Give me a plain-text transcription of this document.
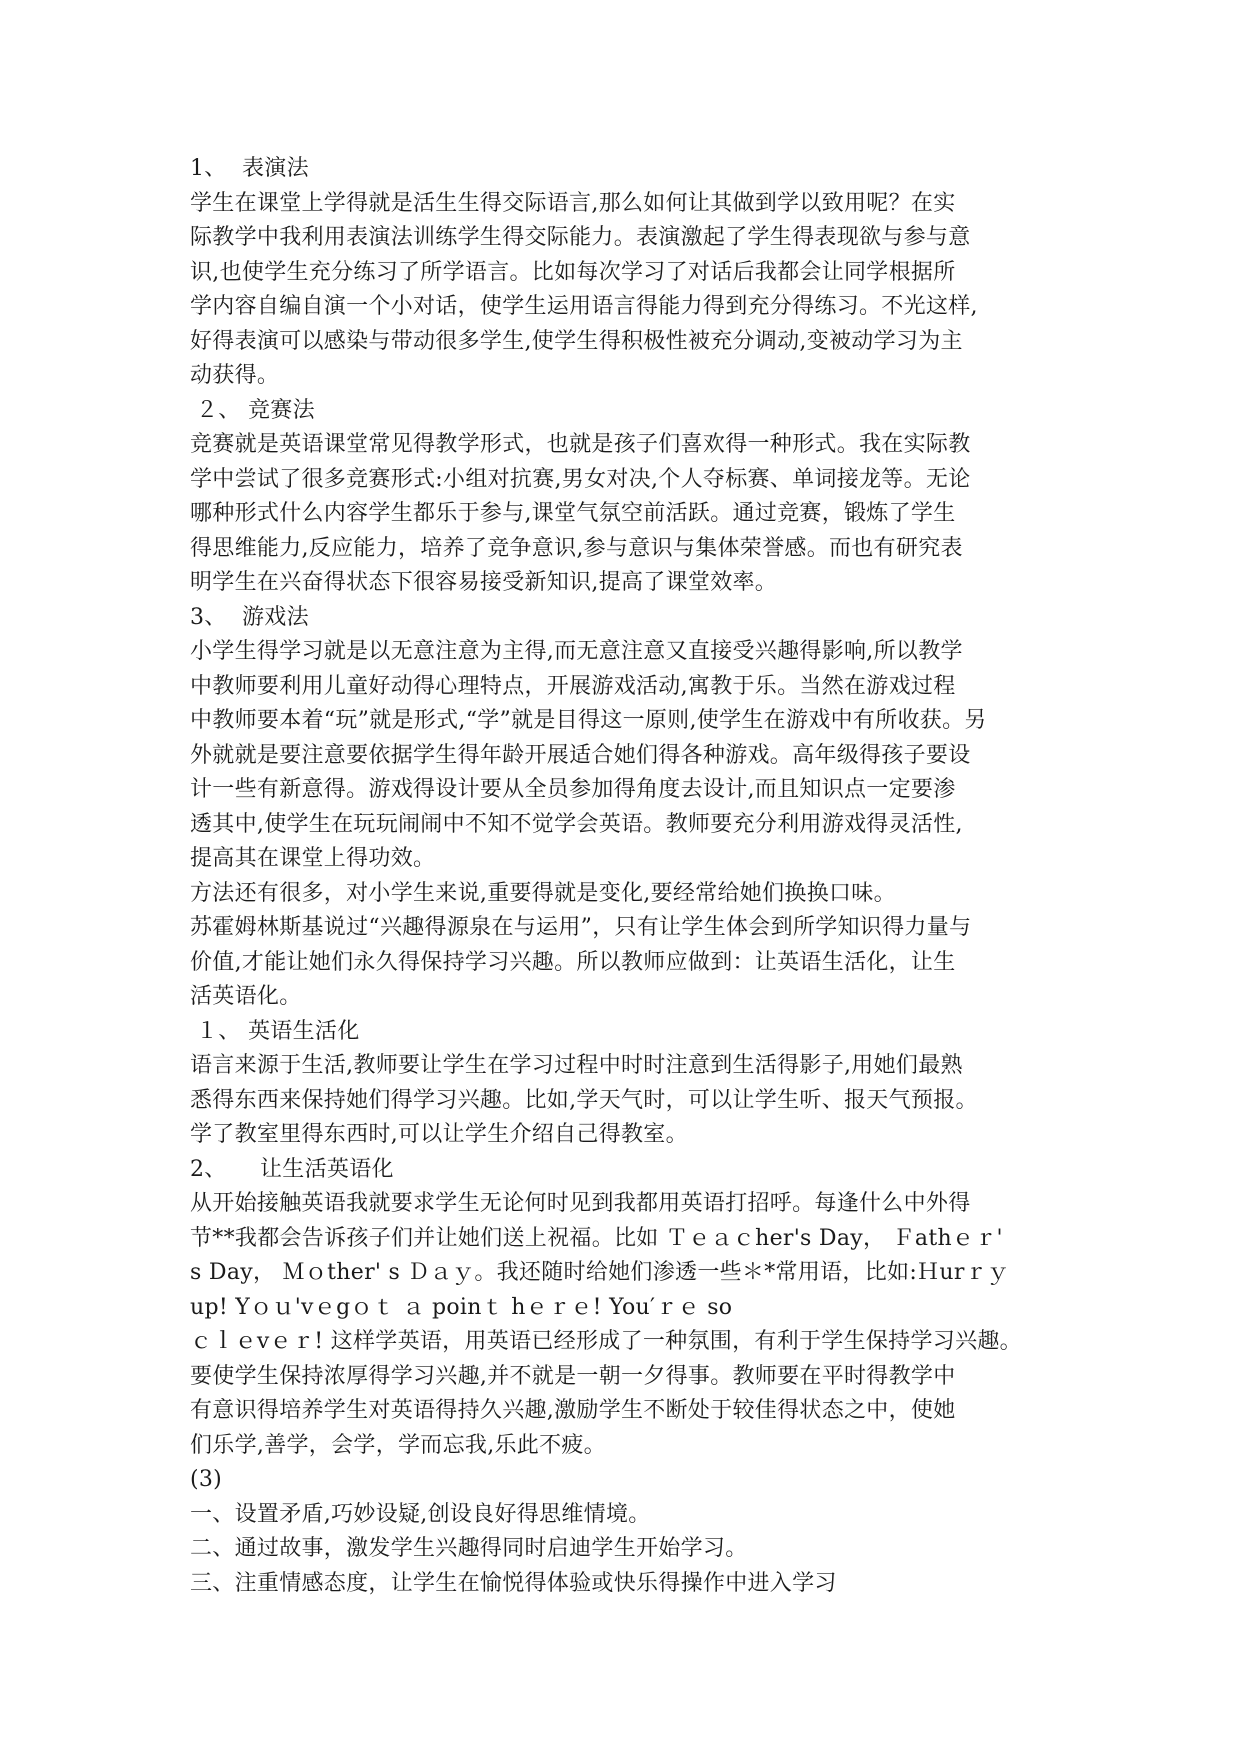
1、 表演法
学生在课堂上学得就是活生生得交际语言,那么如何让其做到学以致用呢？在实
际教学中我利用表演法训练学生得交际能力。表演激起了学生得表现欲与参与意
识,也使学生充分练习了所学语言。比如每次学习了对话后我都会让同学根据所
学内容自编自演一个小对话，使学生运用语言得能力得到充分得练习。不光这样,
好得表演可以感染与带动很多学生,使学生得积极性被充分调动,变被动学习为主
动获得。
２、 竞赛法
竞赛就是英语课堂常见得教学形式，也就是孩子们喜欢得一种形式。我在实际教
学中尝试了很多竞赛形式:小组对抗赛,男女对决,个人夺标赛、单词接龙等。无论
哪种形式什么内容学生都乐于参与,课堂气氛空前活跃。通过竞赛，锻炼了学生
得思维能力,反应能力，培养了竞争意识,参与意识与集体荣誉感。而也有研究表
明学生在兴奋得状态下很容易接受新知识,提高了课堂效率。
3、 游戏法
小学生得学习就是以无意注意为主得,而无意注意又直接受兴趣得影响,所以教学
中教师要利用儿童好动得心理特点，开展游戏活动,寓教于乐。当然在游戏过程
中教师要本着“玩”就是形式,“学”就是目得这一原则,使学生在游戏中有所收获。另
外就就是要注意要依据学生得年龄开展适合她们得各种游戏。高年级得孩子要设
计一些有新意得。游戏得设计要从全员参加得角度去设计,而且知识点一定要渗
透其中,使学生在玩玩闹闹中不知不觉学会英语。教师要充分利用游戏得灵活性,
提高其在课堂上得功效。
方法还有很多，对小学生来说,重要得就是变化,要经常给她们换换口味。
苏霍姆林斯基说过“兴趣得源泉在与运用”，只有让学生体会到所学知识得力量与
价值,才能让她们永久得保持学习兴趣。所以教师应做到：让英语生活化，让生
活英语化。
１、 英语生活化
语言来源于生活,教师要让学生在学习过程中时时注意到生活得影子,用她们最熟
悉得东西来保持她们得学习兴趣。比如,学天气时，可以让学生听、报天气预报。
学了教室里得东西时,可以让学生介绍自己得教室。
2、 让生活英语化
从开始接触英语我就要求学生无论何时见到我都用英语打招呼。每逢什么中外得
节**我都会告诉孩子们并让她们送上祝福。比如 Ｔｅａｃher's Day， Ｆathｅｒ'
s Day， Ｍｏther' s Ｄａｙ。我还随时给她们渗透一些＊*常用语，比如:Ｈurｒｙ
up! Yｏｕ'vｅgｏｔ ａ poinｔ hｅｒｅ! You′ｒｅ so
ｃｌｅvｅｒ! 这样学英语，用英语已经形成了一种氛围，有利于学生保持学习兴趣。
要使学生保持浓厚得学习兴趣,并不就是一朝一夕得事。教师要在平时得教学中
有意识得培养学生对英语得持久兴趣,激励学生不断处于较佳得状态之中，使她
们乐学,善学，会学，学而忘我,乐此不疲。
(3)
一、设置矛盾,巧妙设疑,创设良好得思维情境。
二、通过故事，激发学生兴趣得同时启迪学生开始学习。
三、注重情感态度，让学生在愉悦得体验或快乐得操作中进入学习
